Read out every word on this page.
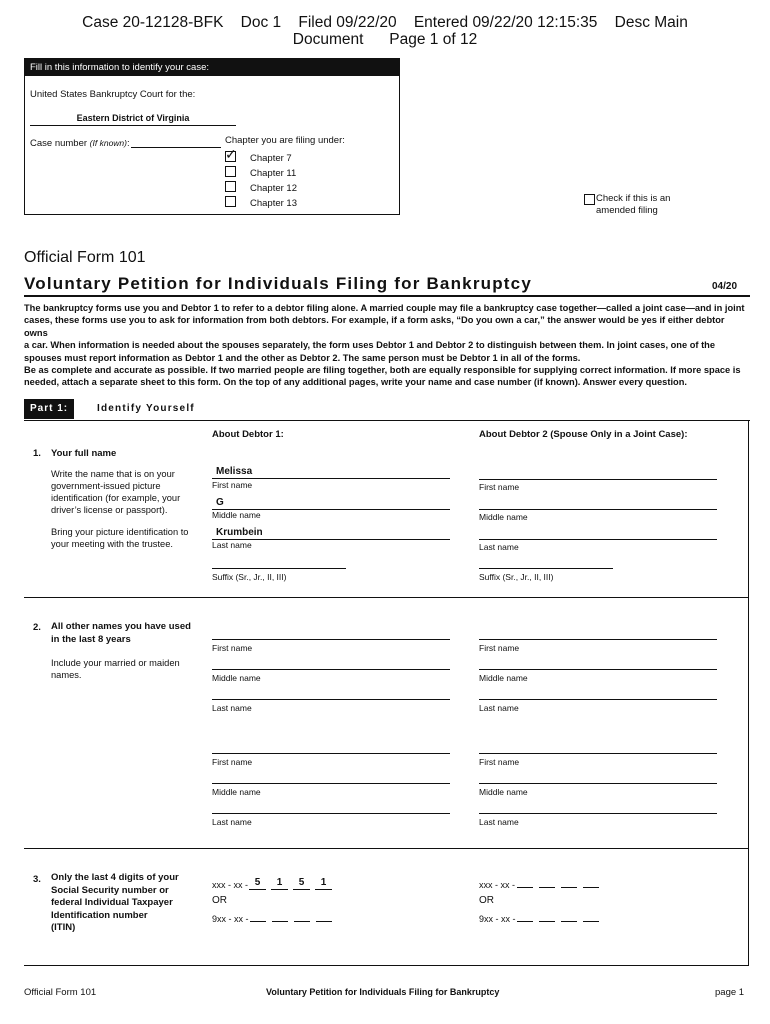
Case 20-12128-BFK    Doc 1    Filed 09/22/20    Entered 09/22/20 12:15:35    Desc Main
Document      Page 1 of 12
Fill in this information to identify your case:
United States Bankruptcy Court for the:
Eastern District of Virginia
Case number (If known):	Chapter you are filing under:
✓ Chapter 7
Chapter 11
Chapter 12
Chapter 13	Check if this is an
amended filing
Official Form 101
Voluntary Petition for Individuals Filing for Bankruptcy	04/20
The bankruptcy forms use you and Debtor 1 to refer to a debtor filing alone. A married couple may file a bankruptcy case together—called a joint case—and in joint
cases, these forms use you to ask for information from both debtors. For example, if a form asks, “Do you own a car,” the answer would be yes if either debtor owns
a car. When information is needed about the spouses separately, the form uses Debtor 1 and Debtor 2 to distinguish between them. In joint cases, one of the
spouses must report information as Debtor 1 and the other as Debtor 2. The same person must be Debtor 1 in all of the forms.
Be as complete and accurate as possible. If two married people are filing together, both are equally responsible for supplying correct information. If more space is
needed, attach a separate sheet to this form. On the top of any additional pages, write your name and case number (if known). Answer every question.
Part 1:	Identify Yourself
About Debtor 1:	About Debtor 2 (Spouse Only in a Joint Case):
1. Your full name
Write the name that is on your
government-issued picture
identification (for example, your
driver’s license or passport).
Bring your picture identification to
your meeting with the trustee.
Melissa
First name
G
Middle name
Krumbein
Last name
Suffix (Sr., Jr., II, III)
First name
Middle name
Last name
Suffix (Sr., Jr., II, III)
2. All other names you have used
in the last 8 years
Include your married or maiden
names.
First name
Middle name
Last name
First name
Middle name
Last name
First name
Middle name
Last name
First name
Middle name
Last name
3. Only the last 4 digits of your
Social Security number or
federal Individual Taxpayer
Identification number
(ITIN)
xxx - xx - 5	1	5	1
OR
9xx - xx -
xxx - xx -
OR
9xx - xx -
Official Form 101	Voluntary Petition for Individuals Filing for Bankruptcy	page 1
